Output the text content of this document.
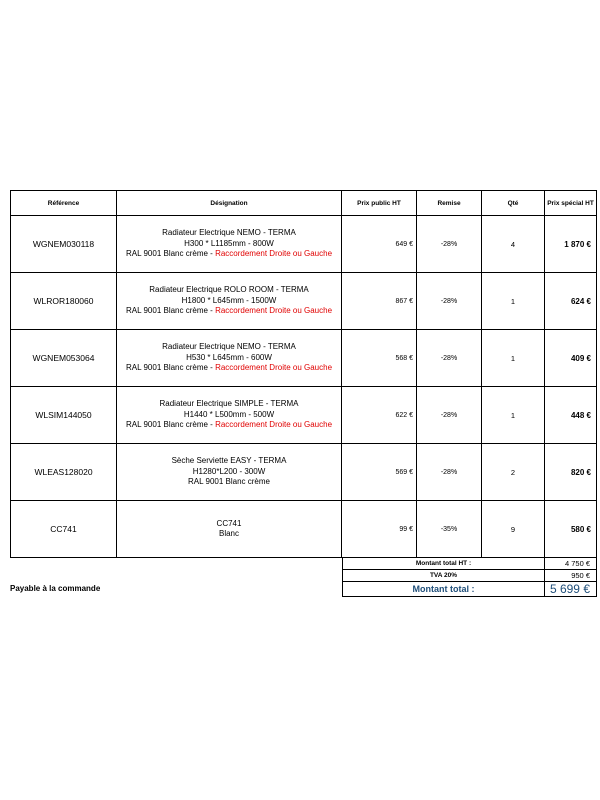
Référence	Désignation	Prix public HT	Remise	Qté	Prix spécial HT
WGNEM030118	Radiateur Electrique NEMO - TERMA
H300 * L1185mm - 800W
RAL 9001 Blanc crème - Raccordement Droite ou Gauche	649 €	-28%	4	1 870 €
WLROR180060	Radiateur Electrique ROLO ROOM - TERMA
H1800 * L645mm - 1500W
RAL 9001 Blanc crème - Raccordement Droite ou Gauche	867 €	-28%	1	624 €
WGNEM053064	Radiateur Electrique NEMO - TERMA
H530 * L645mm - 600W
RAL 9001 Blanc crème - Raccordement Droite ou Gauche	568 €	-28%	1	409 €
WLSIM144050	Radiateur Electrique SIMPLE - TERMA
H1440 * L500mm - 500W
RAL 9001 Blanc crème - Raccordement Droite ou Gauche	622 €	-28%	1	448 €
WLEAS128020	Sèche Serviette EASY - TERMA
H1280*L200 - 300W
RAL 9001 Blanc crème	569 €	-28%	2	820 €
CC741	CC741
Blanc	99 €	-35%	9	580 €
Montant total HT :	4 750 €
TVA 20%	950 €
Montant total :	5 699 €
Payable à la commande
